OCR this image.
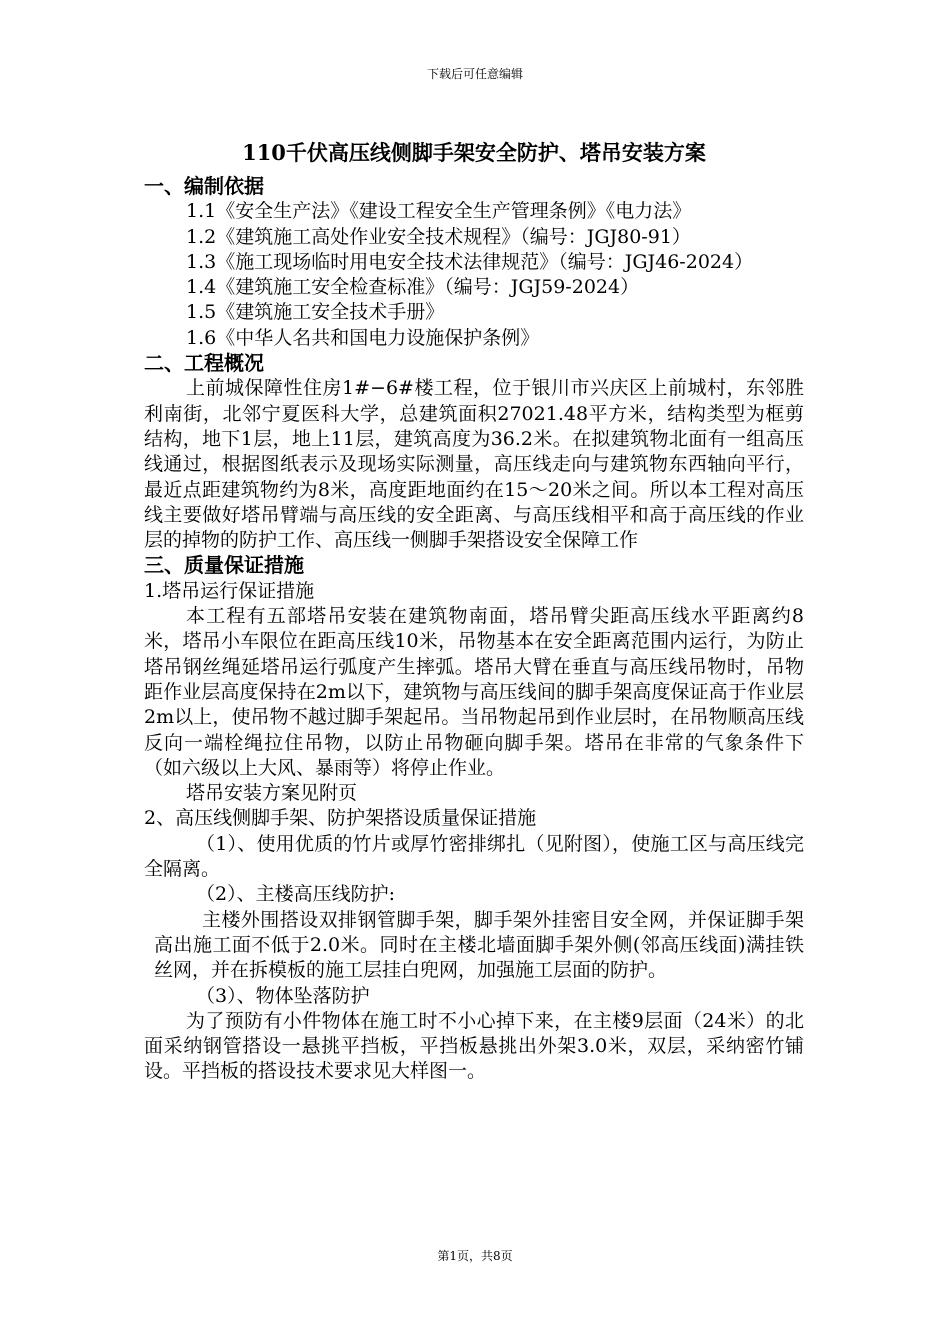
下载后可任意编辑
110千伏高压线侧脚手架安全防护、塔吊安装方案
一、编制依据
1.1《安全生产法》《建设工程安全生产管理条例》《电力法》
1.2《建筑施工高处作业安全技术规程》（编号：JGJ80-91）
1.3《施工现场临时用电安全技术法律规范》（编号：JGJ46-2024）
1.4《建筑施工安全检查标准》（编号：JGJ59-2024）
1.5《建筑施工安全技术手册》
1.6《中华人名共和国电力设施保护条例》
二、工程概况
上前城保障性住房1#−6#楼工程，位于银川市兴庆区上前城村，东邻胜利南街，北邻宁夏医科大学，总建筑面积27021.48平方米，结构类型为框剪结构，地下1层，地上11层，建筑高度为36.2米。在拟建筑物北面有一组高压线通过，根据图纸表示及现场实际测量，高压线走向与建筑物东西轴向平行，最近点距建筑物约为8米，高度距地面约在15～20米之间。所以本工程对高压线主要做好塔吊臂端与高压线的安全距离、与高压线相平和高于高压线的作业层的掉物的防护工作、高压线一侧脚手架搭设安全保障工作
三、质量保证措施
1.塔吊运行保证措施
本工程有五部塔吊安装在建筑物南面，塔吊臂尖距高压线水平距离约8米，塔吊小车限位在距高压线10米，吊物基本在安全距离范围内运行，为防止塔吊钢丝绳延塔吊运行弧度产生摔弧。塔吊大臂在垂直与高压线吊物时，吊物距作业层高度保持在2m以下，建筑物与高压线间的脚手架高度保证高于作业层2m以上，使吊物不越过脚手架起吊。当吊物起吊到作业层时，在吊物顺高压线反向一端栓绳拉住吊物，以防止吊物砸向脚手架。塔吊在非常的气象条件下（如六级以上大风、暴雨等）将停止作业。
塔吊安装方案见附页
2、高压线侧脚手架、防护架搭设质量保证措施
（1）、使用优质的竹片或厚竹密排绑扎（见附图），使施工区与高压线完全隔离。
（2）、主楼高压线防护:
主楼外围搭设双排钢管脚手架，脚手架外挂密目安全网，并保证脚手架高出施工面不低于2.0米。同时在主楼北墙面脚手架外侧(邻高压线面)满挂铁丝网，并在拆模板的施工层挂白兜网，加强施工层面的防护。
（3）、物体坠落防护
为了预防有小件物体在施工时不小心掉下来，在主楼9层面（24米）的北面采纳钢管搭设一悬挑平挡板，平挡板悬挑出外架3.0米，双层，采纳密竹铺设。平挡板的搭设技术要求见大样图一。
第1页，共8页
